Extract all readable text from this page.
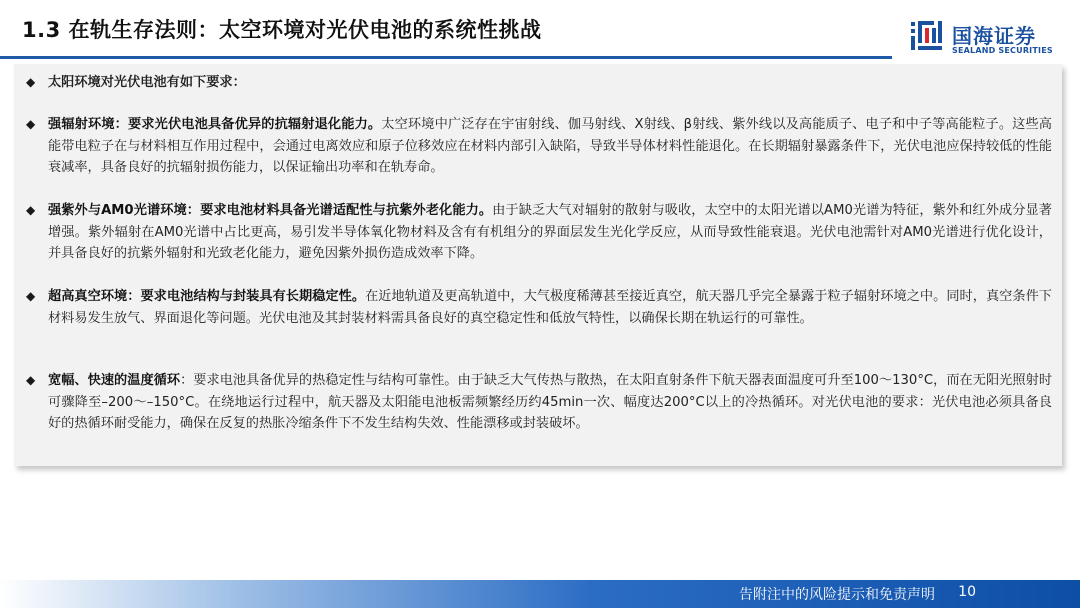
1.3 在轨生存法则：太空环境对光伏电池的系统性挑战	国海证券
SEALAND SECURITIES
◆ 太阳环境对光伏电池有如下要求：
◆ 强辐射环境：要求光伏电池具备优异的抗辐射退化能力。太空环境中广泛存在宇宙射线、伽马射线、X射线、β射线、紫外线以及高能质子、电子和中子等高能粒子。这些高能带电粒子在与材料相互作用过程中，会通过电离效应和原子位移效应在材料内部引入缺陷，导致半导体材料性能退化。在长期辐射暴露条件下，光伏电池应保持较低的性能衰减率，具备良好的抗辐射损伤能力，以保证输出功率和在轨寿命。
◆ 强紫外与AM0光谱环境：要求电池材料具备光谱适配性与抗紫外老化能力。由于缺乏大气对辐射的散射与吸收，太空中的太阳光谱以AM0光谱为特征，紫外和红外成分显著增强。紫外辐射在AM0光谱中占比更高，易引发半导体氧化物材料及含有有机组分的界面层发生光化学反应，从而导致性能衰退。光伏电池需针对AM0光谱进行优化设计，并具备良好的抗紫外辐射和光致老化能力，避免因紫外损伤造成效率下降。
◆ 超高真空环境：要求电池结构与封装具有长期稳定性。在近地轨道及更高轨道中，大气极度稀薄甚至接近真空，航天器几乎完全暴露于粒子辐射环境之中。同时，真空条件下材料易发生放气、界面退化等问题。光伏电池及其封装材料需具备良好的真空稳定性和低放气特性，以确保长期在轨运行的可靠性。
◆ 宽幅、快速的温度循环：要求电池具备优异的热稳定性与结构可靠性。由于缺乏大气传热与散热，在太阳直射条件下航天器表面温度可升至100～130°C，而在无阳光照射时可骤降至–200～–150°C。在绕地运行过程中，航天器及太阳能电池板需频繁经历约45min一次、幅度达200°C以上的冷热循环。对光伏电池的要求：光伏电池必须具备良好的热循环耐受能力，确保在反复的热胀冷缩条件下不发生结构失效、性能漂移或封装破坏。
告附注中的风险提示和免责声明 10
